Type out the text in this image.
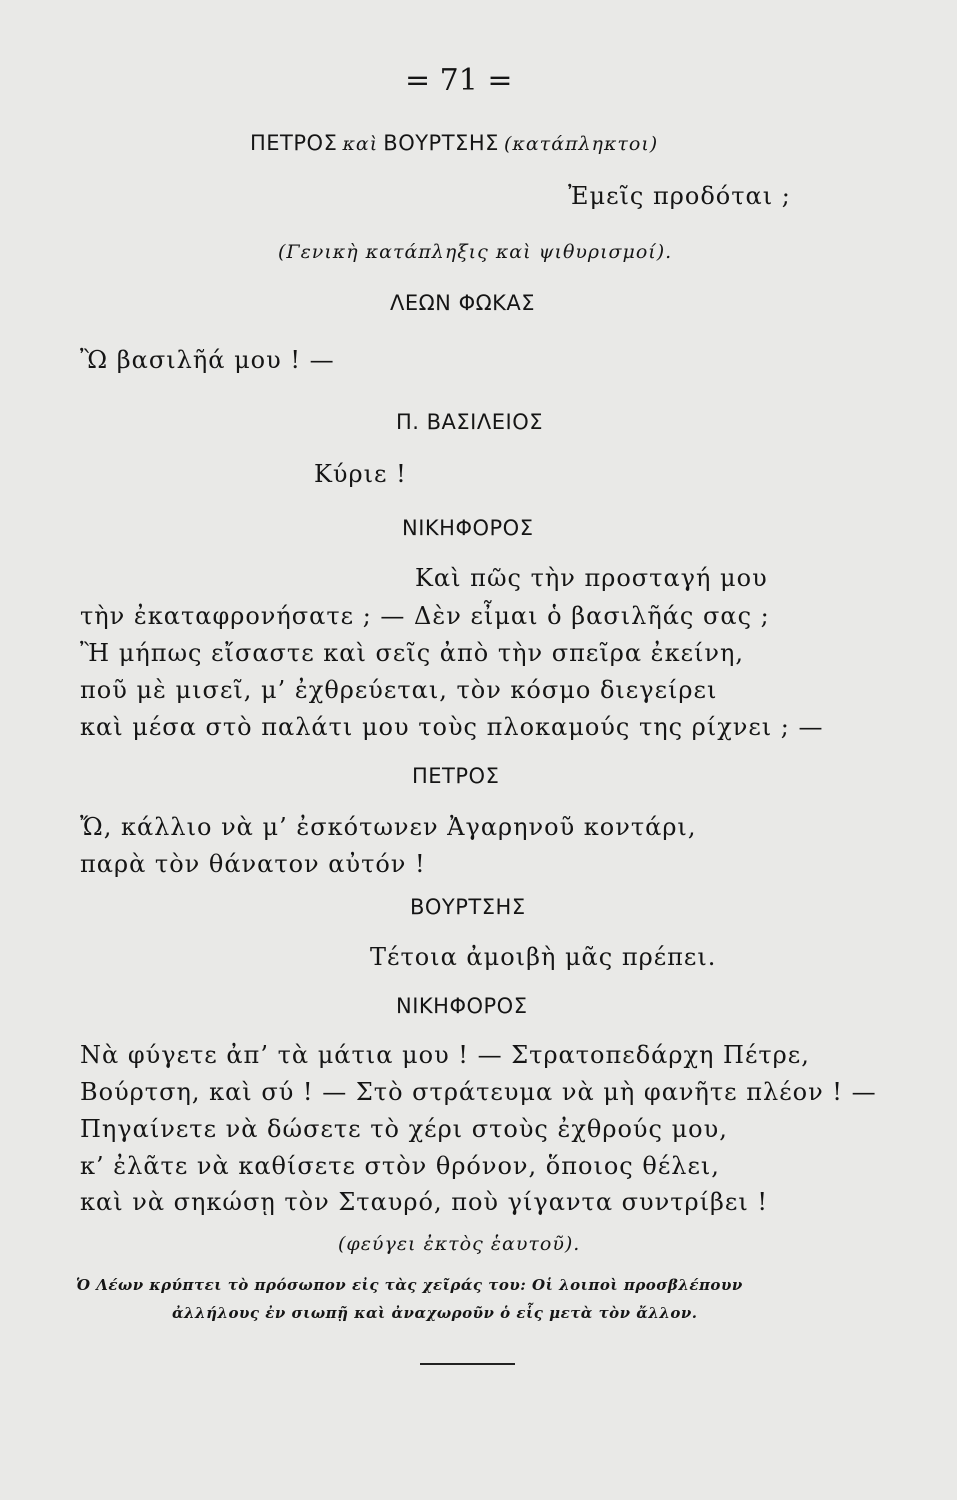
= 71 =
ΠΕΤΡΟΣ καὶ ΒΟΥΡΤΣΗΣ (κατάπληκτοι)
Ἐμεῖς προδόται ;
(Γενικὴ κατάπληξις καὶ ψιθυρισμοί).
ΛΕΩΝ ΦΩΚΑΣ
Ὢ βασιλῆά μου ! —
Π. ΒΑΣΙΛΕΙΟΣ
Κύριε !
ΝΙΚΗΦΟΡΟΣ
Καὶ πῶς τὴν προσταγή μου
τὴν ἐκαταφρονήσατε ; — Δὲν εἶμαι ὁ βασιλῆάς σας ;
Ἢ μήπως εἴσαστε καὶ σεῖς ἀπὸ τὴν σπεῖρα ἐκείνη,
ποῦ μὲ μισεῖ, μ’ ἐχθρεύεται, τὸν κόσμο διεγείρει
καὶ μέσα στὸ παλάτι μου τοὺς πλοκαμούς της ρίχνει ; —
ΠΕΤΡΟΣ
Ὤ, κάλλιο νὰ μ’ ἐσκότωνεν Ἀγαρηνοῦ κοντάρι,
παρὰ τὸν θάνατον αὐτόν !
ΒΟΥΡΤΣΗΣ
Τέτοια ἀμοιβὴ μᾶς πρέπει.
ΝΙΚΗΦΟΡΟΣ
Νὰ φύγετε ἀπ’ τὰ μάτια μου ! — Στρατοπεδάρχη Πέτρε,
Βούρτση, καὶ σύ ! — Στὸ στράτευμα νὰ μὴ φανῆτε πλέον ! —
Πηγαίνετε νὰ δώσετε τὸ χέρι στοὺς ἐχθρούς μου,
κ’ ἐλᾶτε νὰ καθίσετε στὸν θρόνον, ὅποιος θέλει,
καὶ νὰ σηκώσῃ τὸν Σταυρό, ποὺ γίγαντα συντρίβει !
(φεύγει ἐκτὸς ἑαυτοῦ).
Ὁ Λέων κρύπτει τὸ πρόσωπον εἰς τὰς χεῖράς του: Οἱ λοιποὶ προσβλέπουν
ἀλλήλους ἐν σιωπῇ καὶ ἀναχωροῦν ὁ εἷς μετὰ τὸν ἄλλον.
